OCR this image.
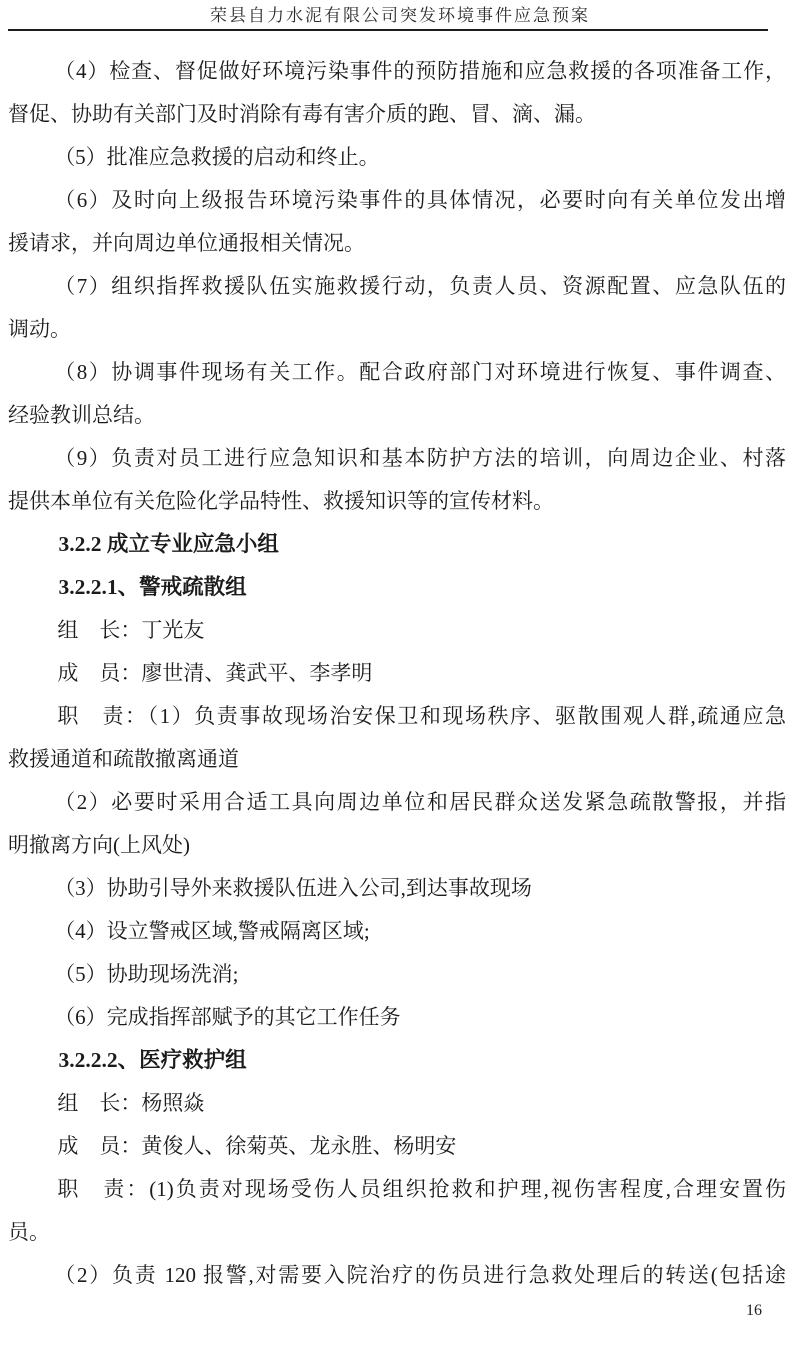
荣县自力水泥有限公司突发环境事件应急预案
（4）检查、督促做好环境污染事件的预防措施和应急救援的各项准备工作，
督促、协助有关部门及时消除有毒有害介质的跑、冒、滴、漏。
（5）批准应急救援的启动和终止。
（6）及时向上级报告环境污染事件的具体情况，必要时向有关单位发出增
援请求，并向周边单位通报相关情况。
（7）组织指挥救援队伍实施救援行动，负责人员、资源配置、应急队伍的
调动。
（8）协调事件现场有关工作。配合政府部门对环境进行恢复、事件调查、
经验教训总结。
（9）负责对员工进行应急知识和基本防护方法的培训，向周边企业、村落
提供本单位有关危险化学品特性、救援知识等的宣传材料。
3.2.2 成立专业应急小组
3.2.2.1、警戒疏散组
组　长：丁光友
成　员：廖世清、龚武平、李孝明
职　责：（1）负责事故现场治安保卫和现场秩序、驱散围观人群,疏通应急
救援通道和疏散撤离通道
（2）必要时采用合适工具向周边单位和居民群众送发紧急疏散警报，并指
明撤离方向(上风处)
（3）协助引导外来救援队伍进入公司,到达事故现场
（4）设立警戒区域,警戒隔离区域;
（5）协助现场洗消;
（6）完成指挥部赋予的其它工作任务
3.2.2.2、医疗救护组
组　长：杨照焱
成　员：黄俊人、徐菊英、龙永胜、杨明安
职　责：(1)负责对现场受伤人员组织抢救和护理,视伤害程度,合理安置伤
员。
（2）负责 120 报警,对需要入院治疗的伤员进行急救处理后的转送(包括途
16
